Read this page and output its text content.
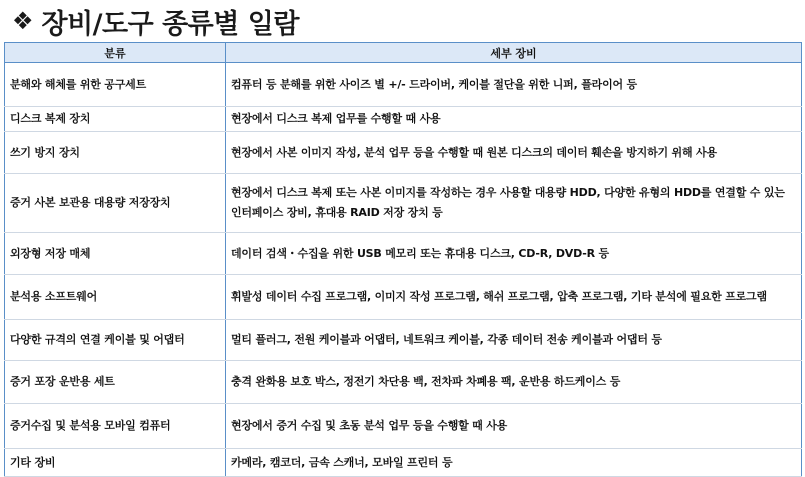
❖ 장비/도구 종류별 일람
분류	세부 장비
분해와 해체를 위한 공구세트	컴퓨터 등 분해를 위한 사이즈 별 +/- 드라이버, 케이블 절단을 위한 니퍼, 플라이어 등
디스크 복제 장치	현장에서 디스크 복제 업무를 수행할 때 사용
쓰기 방지 장치	현장에서 사본 이미지 작성, 분석 업무 등을 수행할 때 원본 디스크의 데이터 훼손을 방지하기 위해 사용
증거 사본 보관용 대용량 저장장치	현장에서 디스크 복제 또는 사본 이미지를 작성하는 경우 사용할 대용량 HDD, 다양한 유형의 HDD를 연결할 수 있는 인터페이스 장비, 휴대용 RAID 저장 장치 등
외장형 저장 매체	데이터 검색・수집을 위한 USB 메모리 또는 휴대용 디스크, CD-R, DVD-R 등
분석용 소프트웨어	휘발성 데이터 수집 프로그램, 이미지 작성 프로그램, 해쉬 프로그램, 압축 프로그램, 기타 분석에 필요한 프로그램
다양한 규격의 연결 케이블 및 어댑터	멀티 플러그, 전원 케이블과 어댑터, 네트워크 케이블, 각종 데이터 전송 케이블과 어댑터 등
증거 포장 운반용 세트	충격 완화용 보호 박스, 정전기 차단용 백, 전차파 차폐용 팩, 운반용 하드케이스 등
증거수집 및 분석용 모바일 컴퓨터	현장에서 증거 수집 및 초동 분석 업무 등을 수행할 때 사용
기타 장비	카메라, 캠코더, 금속 스캐너, 모바일 프린터 등
